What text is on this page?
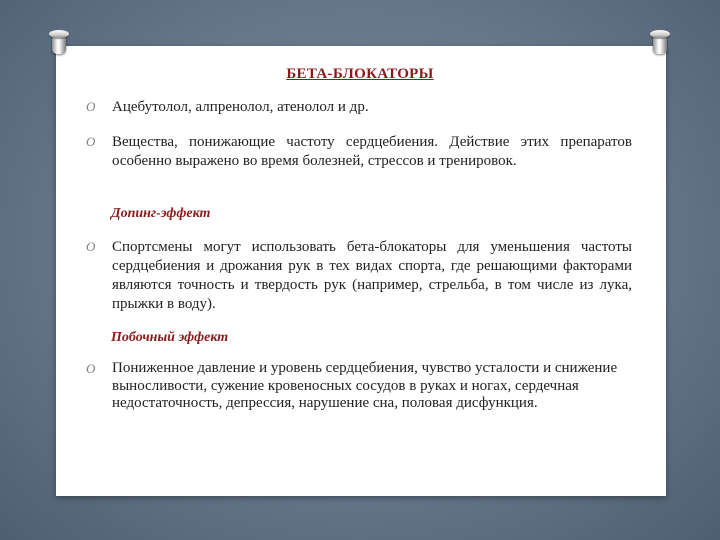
БЕТА-БЛОКАТОРЫ
O Ацебутолол, алпренолол, атенолол и др.
O Вещества, понижающие частоту сердцебиения. Действие этих препаратов особенно выражено во время болезней, стрессов и тренировок.
Допинг-эффект
O Спортсмены могут использовать бета-блокаторы для уменьшения частоты сердцебиения и дрожания рук в тех видах спорта, где решающими факторами являются точность и твердость рук (например, стрельба, в том числе из лука, прыжки в воду).
Побочный эффект
O Пониженное давление и уровень сердцебиения, чувство усталости и снижение выносливости, сужение кровеносных сосудов в руках и ногах, сердечная недостаточность, депрессия, нарушение сна, половая дисфункция.
